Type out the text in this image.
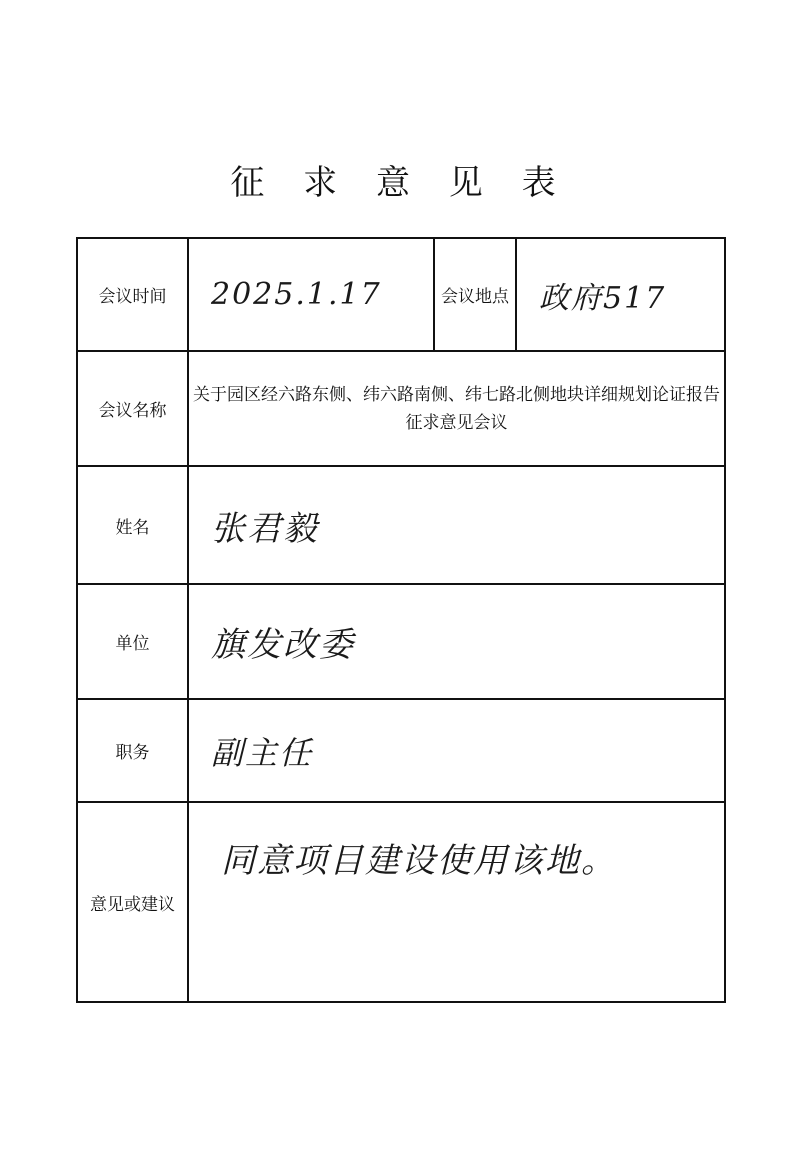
征 求 意 见 表
会议时间	2025.1.17	会议地点	政府517
会议名称	关于园区经六路东侧、纬六路南侧、纬七路北侧地块详细规划论证报告征求意见会议		
姓名	张君毅		
单位	旗发改委		
职务	副主任		
意见或建议	同意项目建设使用该地。		
